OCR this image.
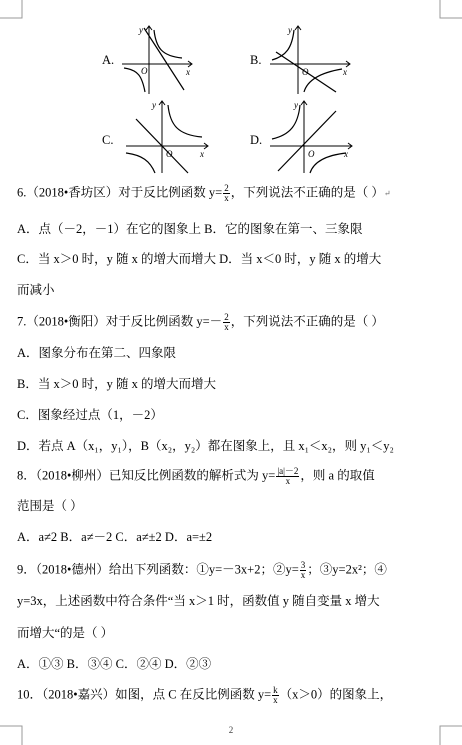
A.
y
O	x
B.
y
O	x
C.
y
O	x
D.
y
O	x
6.（2018•香坊区）对于反比例函数 $y= \frac{2}{x}$ ，下列说法不正确的是（ ）↵
A．点（－2，－1）在它的图象上 B．它的图象在第一、三象限
C．当 x＞0 时，y 随 x 的增大而增大 D．当 x＜0 时，y 随 x 的增大
而减小
7.（2018•衡阳）对于反比例函数 $y=- \frac{2}{x}$ ，下列说法不正确的是（ ）
A．图象分布在第二、四象限
B．当 x＞0 时，y 随 x 的增大而增大
C．图象经过点（1，－2）
D．若点 A（x₁，y₁），B（x₂，y₂）都在图象上，且 x₁＜x₂，则 y₁＜y₂
8．（2018•柳州）已知反比例函数的解析式为 $y= \frac{|a|-2}{x}$ ，则 a 的取值
范围是（ ）
A．a≠2 B．a≠－2 C．a≠±2 D．a=±2
9．（2018•德州）给出下列函数：①y=－3x+2；②y= $\frac{3}{x}$ ；③y=2x²；④
y=3x，上述函数中符合条件“当 x＞1 时，函数值 y 随自变量 x 增大
而增大“的是（ ）
A．①③ B．③④ C．②④ D．②③
10．（2018•嘉兴）如图，点 C 在反比例函数 $y= \frac{k}{x} (x>0)$的图象上，
2
